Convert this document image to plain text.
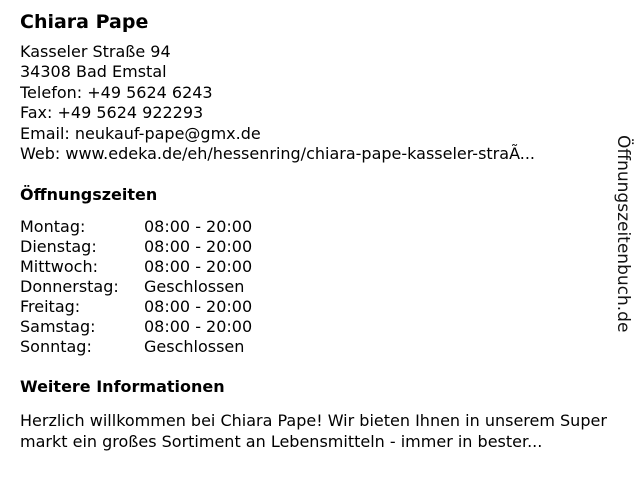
Chiara Pape
Kasseler Straße 94
34308 Bad Emstal
Telefon: +49 5624 6243
Fax: +49 5624 922293
Email: neukauf-pape@gmx.de
Web: www.edeka.de/eh/hessenring/chiara-pape-kasseler-straÃ...
Öffnungszeiten
Montag:	08:00 - 20:00
Dienstag:	08:00 - 20:00
Mittwoch:	08:00 - 20:00
Donnerstag:	Geschlossen
Freitag:	08:00 - 20:00
Samstag:	08:00 - 20:00
Sonntag:	Geschlossen
Weitere Informationen
Herzlich willkommen bei Chiara Pape! Wir bieten Ihnen in unserem Supermarkt ein großes Sortiment an Lebensmitteln - immer in bester...
Öffnungszeitenbuch.de
